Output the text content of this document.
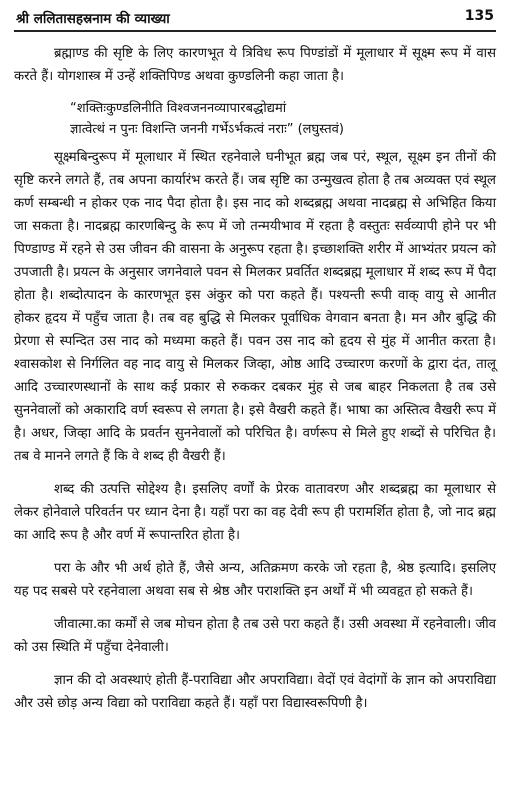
श्री ललितासहस्रनाम की व्याख्या	135

ब्रह्माण्ड की सृष्टि के लिए कारणभूत ये त्रिविध रूप पिण्डांडों में मूलाधार में सूक्ष्म रूप में वास करते हैं। योगशास्त्र में उन्हें शक्तिपिण्ड अथवा कुण्डलिनी कहा जाता है।

“शक्तिःकुण्डलिनीति विश्वजननव्यापारबद्धोद्यमां
ज्ञात्वेत्थं न पुनः विशन्ति जननी गर्भेऽर्भकत्वं नराः” (लघुस्तवं)

सूक्ष्मबिन्दुरूप में मूलाधार में स्थित रहनेवाले घनीभूत ब्रह्म जब परं, स्थूल, सूक्ष्म इन तीनों की सृष्टि करने लगते हैं, तब अपना कार्यारंभ करते हैं। जब सृष्टि का उन्मुखत्व होता है तब अव्यक्त एवं स्थूल कर्ण सम्बन्धी न होकर एक नाद पैदा होता है। इस नाद को शब्दब्रह्म अथवा नादब्रह्म से अभिहित किया जा सकता है। नादब्रह्म कारणबिन्दु के रूप में जो तन्मयीभाव में रहता है वस्तुतः सर्वव्यापी होने पर भी पिण्डाण्ड में रहने से उस जीवन की वासना के अनुरूप रहता है। इच्छाशक्ति शरीर में आभ्यंतर प्रयत्न को उपजाती है। प्रयत्न के अनुसार जगनेवाले पवन से मिलकर प्रवर्तित शब्दब्रह्म मूलाधार में शब्द रूप में पैदा होता है। शब्दोत्पादन के कारणभूत इस अंकुर को परा कहते हैं। पश्यन्ती रूपी वाक् वायु से आनीत होकर हृदय में पहुँच जाता है। तब वह बुद्धि से मिलकर पूर्वाधिक वेगवान बनता है। मन और बुद्धि की प्रेरणा से स्पन्दित उस नाद को मध्यमा कहते हैं। पवन उस नाद को हृदय से मुंह में आनीत करता है। श्वासकोश से निर्गलित वह नाद वायु से मिलकर जिव्हा, ओष्ठ आदि उच्चारण करणों के द्वारा दंत, तालू आदि उच्चारणस्थानों के साथ कई प्रकार से रुककर दबकर मुंह से जब बाहर निकलता है तब उसे सुननेवालों को अकारादि वर्ण स्वरूप से लगता है। इसे वैखरी कहते हैं। भाषा का अस्तित्व वैखरी रूप में है। अधर, जिव्हा आदि के प्रवर्तन सुननेवालों को परिचित है। वर्णरूप से मिले हुए शब्दों से परिचित है। तब वे मानने लगते हैं कि वे शब्द ही वैखरी हैं।

शब्द की उत्पत्ति सोद्देश्य है। इसलिए वर्णों के प्रेरक वातावरण और शब्दब्रह्म का मूलाधार से लेकर होनेवाले परिवर्तन पर ध्यान देना है। यहाँ परा का वह देवी रूप ही परामर्शित होता है, जो नाद ब्रह्म का आदि रूप है और वर्ण में रूपान्तरित होता है।

परा के और भी अर्थ होते हैं, जैसे अन्य, अतिक्रमण करके जो रहता है, श्रेष्ठ इत्यादि। इसलिए यह पद सबसे परे रहनेवाला अथवा सब से श्रेष्ठ और पराशक्ति इन अर्थों में भी व्यवहृत हो सकते हैं।

जीवात्मा.का कर्मों से जब मोचन होता है तब उसे परा कहते हैं। उसी अवस्था में रहनेवाली। जीव को उस स्थिति में पहुँचा देनेवाली।

ज्ञान की दो अवस्थाएं होती हैं-पराविद्या और अपराविद्या। वेदों एवं वेदांगों के ज्ञान को अपराविद्या और उसे छोड़ अन्य विद्या को पराविद्या कहते हैं। यहाँ परा विद्यास्वरूपिणी है।
